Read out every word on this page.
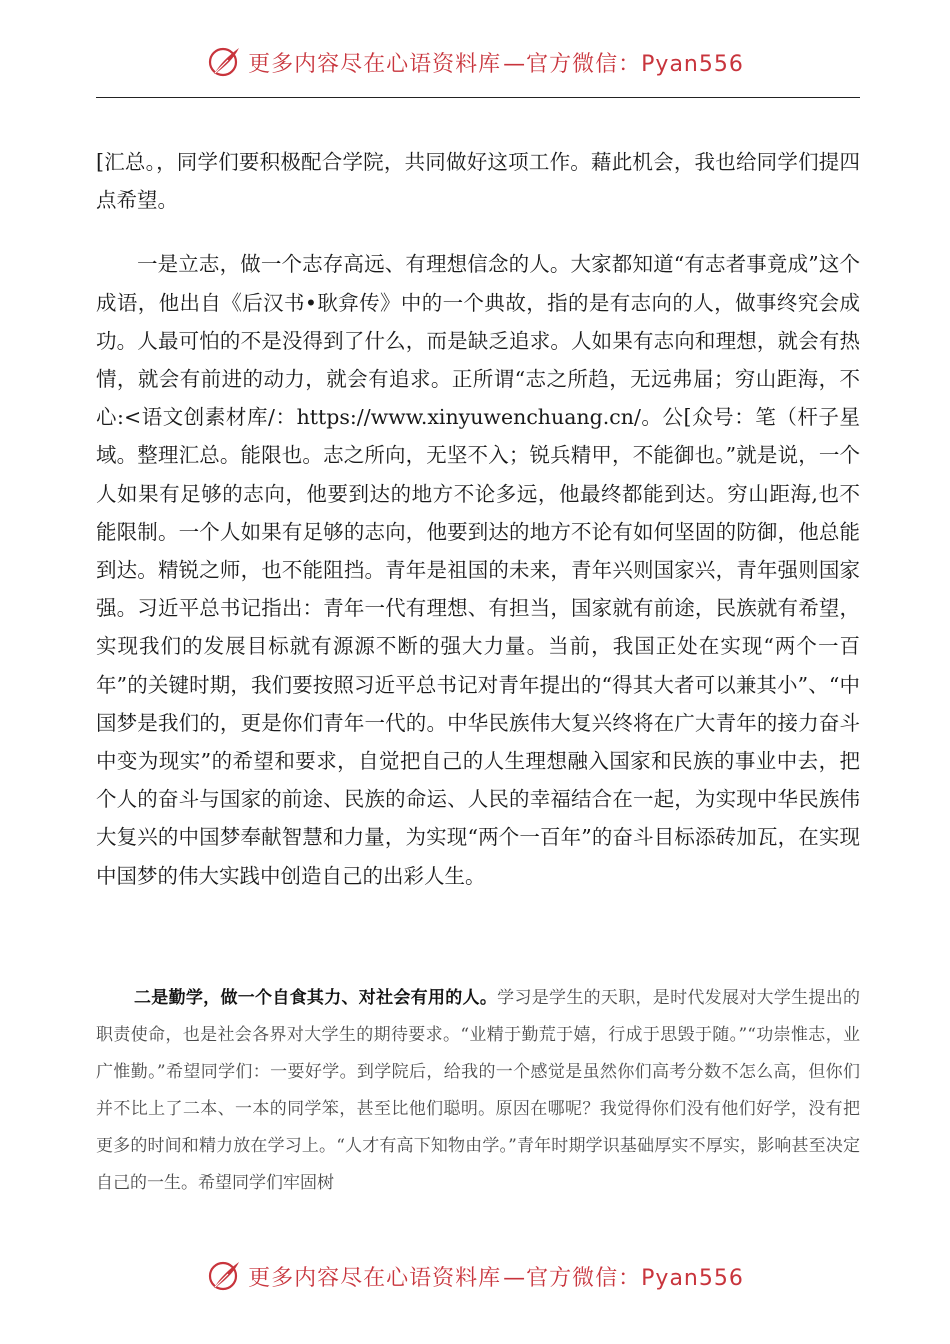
更多内容尽在心语资料库 —官方微信：Pyan556

[汇总。，同学们要积极配合学院，共同做好这项工作。藉此机会，我也给同学们提四点希望。

一是立志，做一个志存高远、有理想信念的人。大家都知道“有志者事竟成”这个成语，他出自《后汉书•耿弇传》中的一个典故，指的是有志向的人，做事终究会成功。人最可怕的不是没得到了什么，而是缺乏追求。人如果有志向和理想，就会有热情，就会有前进的动力，就会有追求。正所谓“志之所趋，无远弗届；穷山距海，不心:<语文创素材库/：https://www.xinyuwenchuang.cn/。公[众号：笔（杆子星域。整理汇总。能限也。志之所向，无坚不入；锐兵精甲，不能御也。”就是说，一个人如果有足够的志向，他要到达的地方不论多远，他最终都能到达。穷山距海,也不能限制。一个人如果有足够的志向，他要到达的地方不论有如何坚固的防御，他总能到达。精锐之师，也不能阻挡。青年是祖国的未来，青年兴则国家兴，青年强则国家强。习近平总书记指出：青年一代有理想、有担当，国家就有前途，民族就有希望，实现我们的发展目标就有源源不断的强大力量。当前，我国正处在实现“两个一百年”的关键时期，我们要按照习近平总书记对青年提出的“得其大者可以兼其小”、“中国梦是我们的，更是你们青年一代的。中华民族伟大复兴终将在广大青年的接力奋斗中变为现实”的希望和要求，自觉把自己的人生理想融入国家和民族的事业中去，把个人的奋斗与国家的前途、民族的命运、人民的幸福结合在一起，为实现中华民族伟大复兴的中国梦奉献智慧和力量，为实现“两个一百年”的奋斗目标添砖加瓦，在实现中国梦的伟大实践中创造自己的出彩人生。

二是勤学，做一个自食其力、对社会有用的人。学习是学生的天职，是时代发展对大学生提出的职责使命，也是社会各界对大学生的期待要求。“业精于勤荒于嬉，行成于思毁于随。”“功崇惟志，业广惟勤。”希望同学们：一要好学。到学院后，给我的一个感觉是虽然你们高考分数不怎么高，但你们并不比上了二本、一本的同学笨，甚至比他们聪明。原因在哪呢？我觉得你们没有他们好学，没有把更多的时间和精力放在学习上。“人才有高下知物由学。”青年时期学识基础厚实不厚实，影响甚至决定自己的一生。希望同学们牢固树

更多内容尽在心语资料库 —官方微信：Pyan556
